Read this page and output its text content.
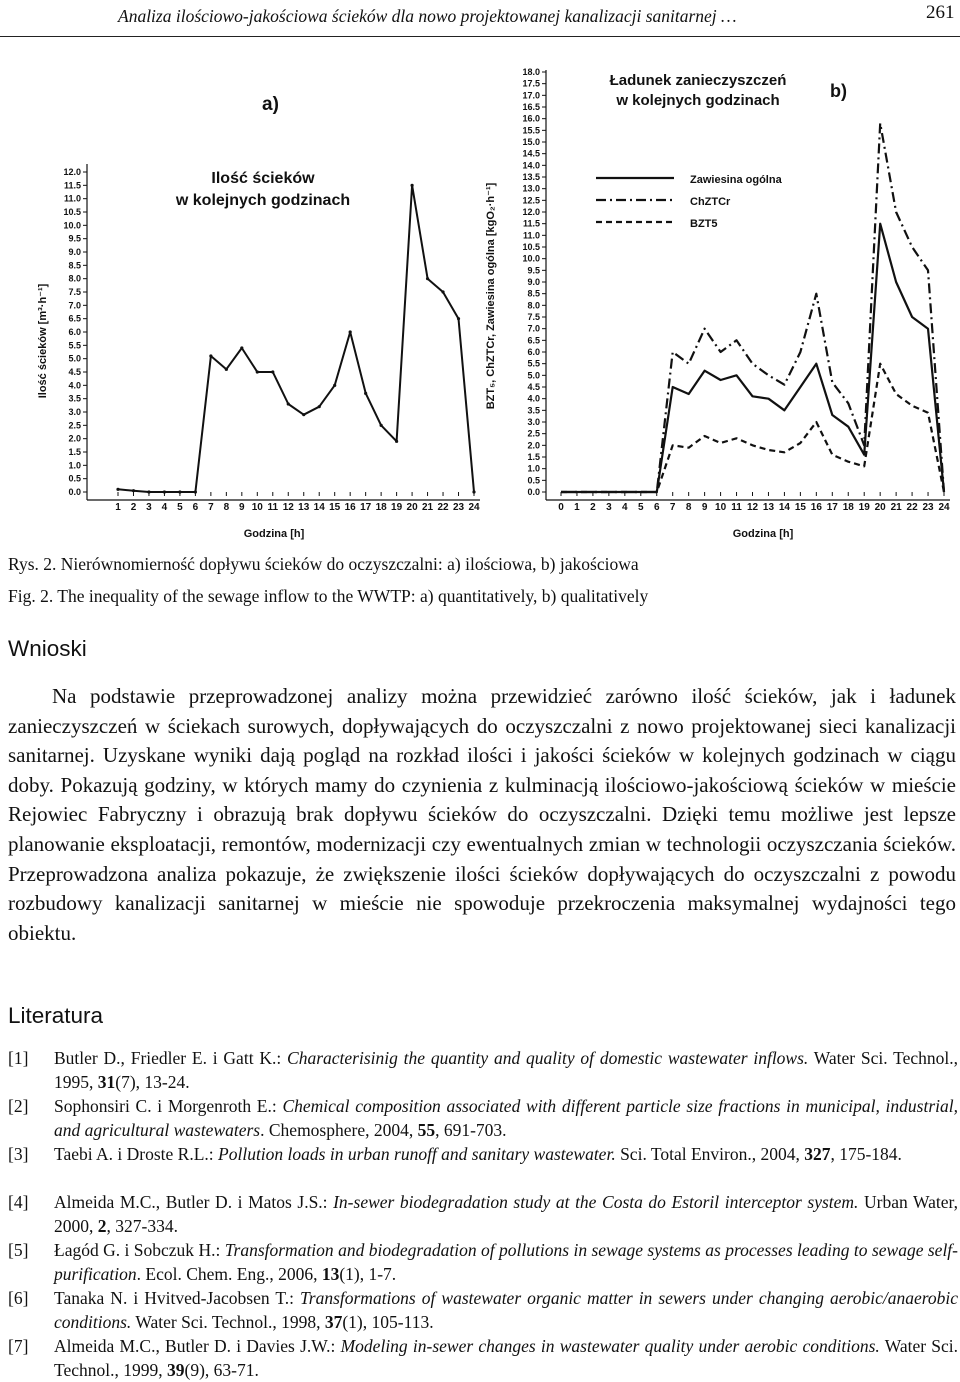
Analiza ilościowo-jakościowa ścieków dla nowo projektowanej kanalizacji sanitarnej …	261
a)
Ilość ścieków
w kolejnych godzinach
Ilość ścieków [m³·h⁻¹]
Godzina [h]
0.0
0.5
1.0
1.5
2.0
2.5
3.0
3.5
4.0
4.5
5.0
5.5
6.0
6.5
7.0
7.5
8.0
8.5
9.0
9.5
10.0
10.5
11.0
11.5
12.0
1 2 3 4 5 6 7 8 9 10 11 12 13 14 15 16 17 18 19 20 21 22 23 24
b)
Ładunek zanieczyszczeń
w kolejnych godzinach
BZT₅, ChZTCr, Zawiesina ogólna [kgO₂·h⁻¹]
Godzina [h]
Zawiesina ogólna
ChZTCr
BZT5
0.0
0.5
1.0
1.5
2.0
2.5
3.0
3.5
4.0
4.5
5.0
5.5
6.0
6.5
7.0
7.5
8.0
8.5
9.0
9.5
10.0
10.5
11.0
11.5
12.0
12.5
13.0
13.5
14.0
14.5
15.0
15.5
16.0
16.5
17.0
17.5
18.0
0 1 2 3 4 5 6 7 8 9 10 11 12 13 14 15 16 17 18 19 20 21 22 23 24
Rys. 2. Nierównomierność dopływu ścieków do oczyszczalni: a) ilościowa, b) jakościowa
Fig. 2. The inequality of the sewage inflow to the WWTP: a) quantitatively, b) qualitatively
Wnioski

Na podstawie przeprowadzonej analizy można przewidzieć zarówno ilość ścieków, jak i ładunek zanieczyszczeń w ściekach surowych, dopływających do oczyszczalni z nowo projektowanej sieci kanalizacji sanitarnej. Uzyskane wyniki dają pogląd na rozkład ilości i jakości ścieków w kolejnych godzinach w ciągu doby. Pokazują godziny, w których mamy do czynienia z kulminacją ilościowo-jakościową ścieków w mieście Rejowiec Fabryczny i obrazują brak dopływu ścieków do oczyszczalni. Dzięki temu możliwe jest lepsze planowanie eksploatacji, remontów, modernizacji czy ewentualnych zmian w technologii oczyszczania ścieków. Przeprowadzona analiza pokazuje, że zwiększenie ilości ścieków dopływających do oczyszczalni z powodu rozbudowy kanalizacji sanitarnej w mieście nie spowoduje przekroczenia maksymalnej wydajności tego obiektu.

Literatura
[1] Butler D., Friedler E. i Gatt K.: Characterisinig the quantity and quality of domestic wastewater inflows. Water Sci. Technol., 1995, 31(7), 13-24.
[2] Sophonsiri C. i Morgenroth E.: Chemical composition associated with different particle size fractions in municipal, industrial, and agricultural wastewaters. Chemosphere, 2004, 55, 691-703.
[3] Taebi A. i Droste R.L.: Pollution loads in urban runoff and sanitary wastewater. Sci. Total Environ., 2004, 327, 175-184.
[4] Almeida M.C., Butler D. i Matos J.S.: In-sewer biodegradation study at the Costa do Estoril interceptor system. Urban Water, 2000, 2, 327-334.
[5] Łagód G. i Sobczuk H.: Transformation and biodegradation of pollutions in sewage systems as processes leading to sewage self-purification. Ecol. Chem. Eng., 2006, 13(1), 1-7.
[6] Tanaka N. i Hvitved-Jacobsen T.: Transformations of wastewater organic matter in sewers under changing aerobic/anaerobic conditions. Water Sci. Technol., 1998, 37(1), 105-113.
[7] Almeida M.C., Butler D. i Davies J.W.: Modeling in-sewer changes in wastewater quality under aerobic conditions. Water Sci. Technol., 1999, 39(9), 63-71.
